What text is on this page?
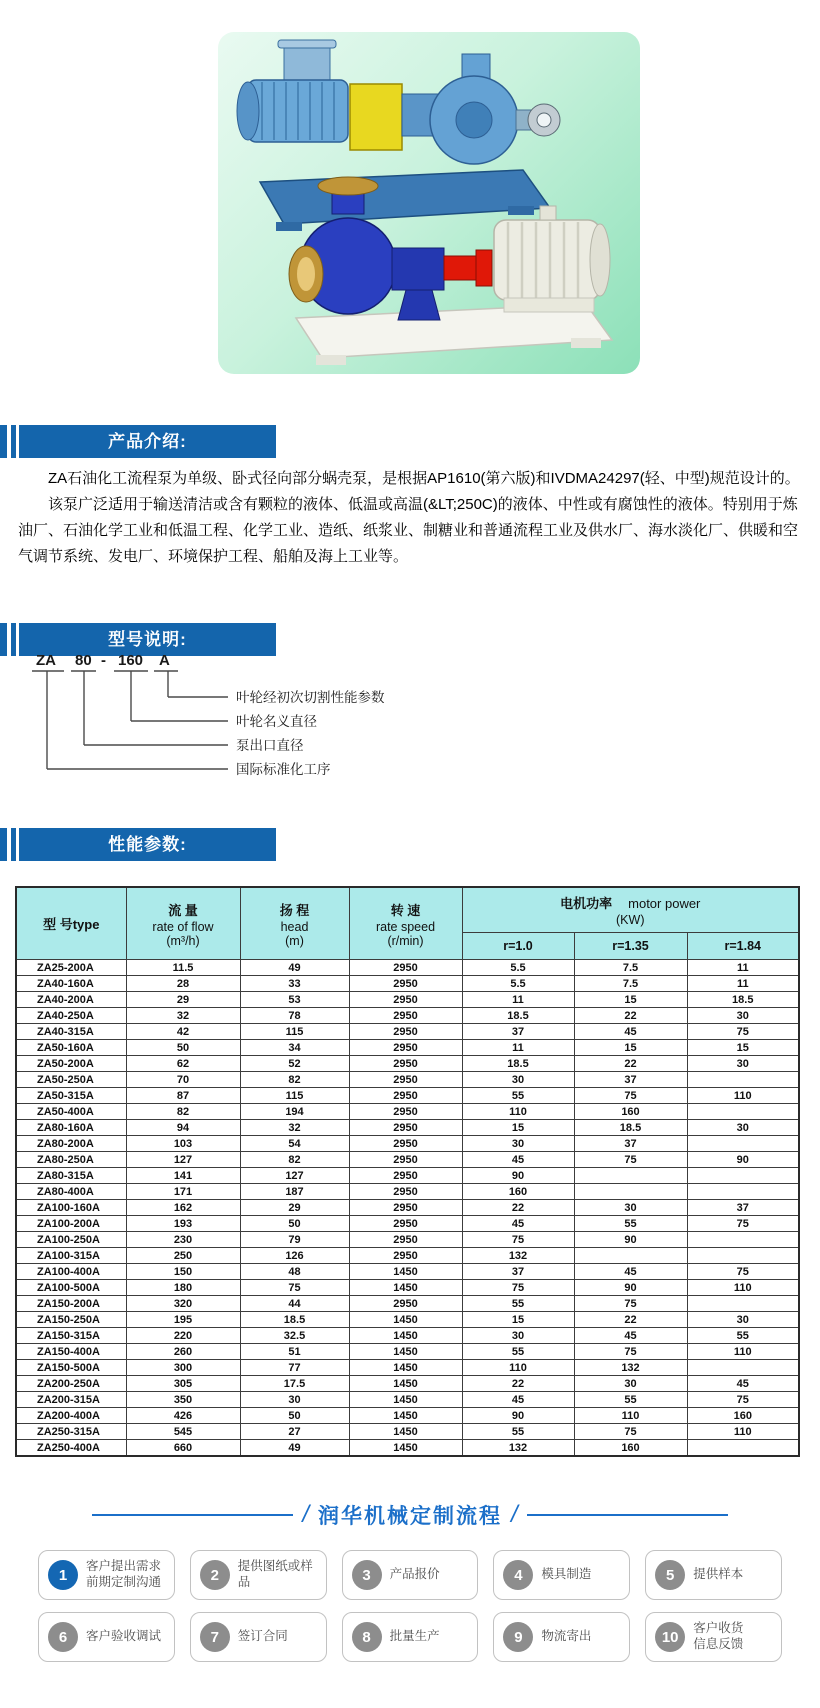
产品介绍:

ZA石油化工流程泵为单级、卧式径向部分蜗壳泵，是根据AP1610(第六版)和IVDMA24297(轻、中型)规范设计的。

该泵广泛适用于输送清洁或含有颗粒的液体、低温或高温(&LT;250C)的液体、中性或有腐蚀性的液体。特别用于炼油厂、石油化学工业和低温工程、化学工业、造纸、纸浆业、制糖业和普通流程工业及供水厂、海水淡化厂、供暖和空气调节系统、发电厂、环境保护工程、船舶及海上工业等。

型号说明:
ZA 80 - 160 A
叶轮经初次切割性能参数
叶轮名义直径
泵出口直径
国际标准化工序
性能参数:
型 号type	流 量
rate of flow
(m³/h)	扬 程
head
(m)	转 速
rate speed
(r/min)	电机功率 motor power
(KW)		

				r=1.0	r=1.35	r=1.84
ZA25-200A	11.5	49	2950	5.5	7.5	11
ZA40-160A	28	33	2950	5.5	7.5	11
ZA40-200A	29	53	2950	11	15	18.5
ZA40-250A	32	78	2950	18.5	22	30
ZA40-315A	42	115	2950	37	45	75
ZA50-160A	50	34	2950	11	15	15
ZA50-200A	62	52	2950	18.5	22	30
ZA50-250A	70	82	2950	30	37	
ZA50-315A	87	115	2950	55	75	110
ZA50-400A	82	194	2950	110	160	
ZA80-160A	94	32	2950	15	18.5	30
ZA80-200A	103	54	2950	30	37	
ZA80-250A	127	82	2950	45	75	90
ZA80-315A	141	127	2950	90		
ZA80-400A	171	187	2950	160		
ZA100-160A	162	29	2950	22	30	37
ZA100-200A	193	50	2950	45	55	75
ZA100-250A	230	79	2950	75	90	
ZA100-315A	250	126	2950	132		
ZA100-400A	150	48	1450	37	45	75
ZA100-500A	180	75	1450	75	90	110
ZA150-200A	320	44	2950	55	75	
ZA150-250A	195	18.5	1450	15	22	30
ZA150-315A	220	32.5	1450	30	45	55
ZA150-400A	260	51	1450	55	75	110
ZA150-500A	300	77	1450	110	132	
ZA200-250A	305	17.5	1450	22	30	45
ZA200-315A	350	30	1450	45	55	75
ZA200-400A	426	50	1450	90	110	160
ZA250-315A	545	27	1450	55	75	110
ZA250-400A	660	49	1450	132	160	
/ 润华机械定制流程 /
1
客户提出需求
前期定制沟通	2
提供图纸或样品	3	产品报价	4	模具制造	5	提供样本
6	客户验收调试	7	签订合同	8	批量生产	9	物流寄出	10
客户收货
信息反馈
